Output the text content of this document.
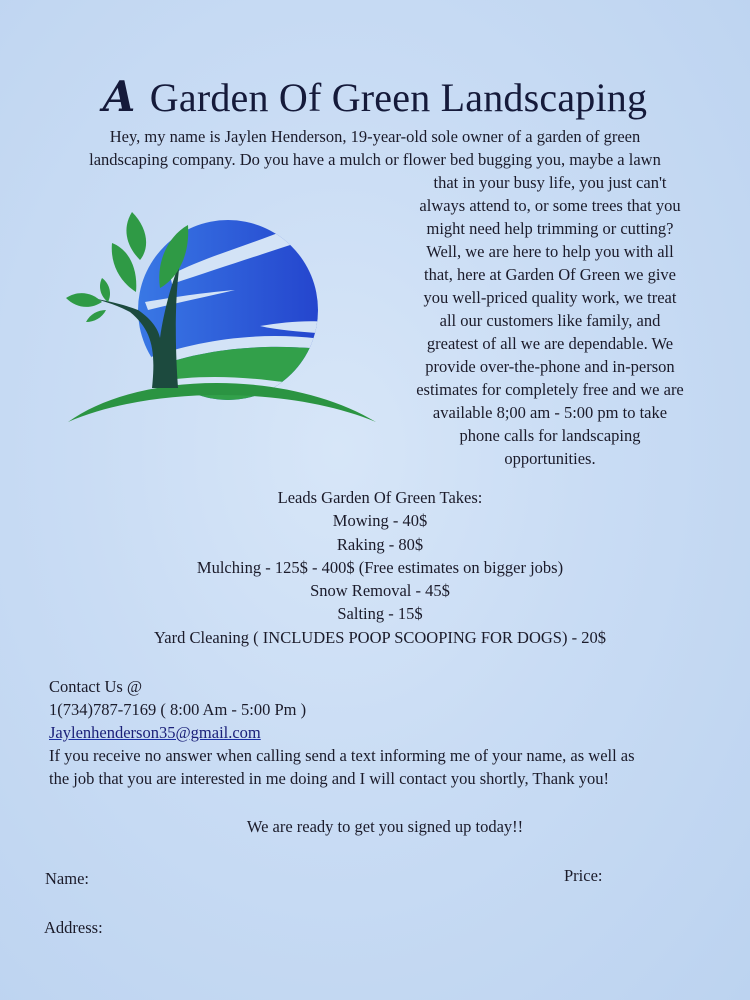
A Garden Of Green Landscaping
Hey, my name is Jaylen Henderson, 19-year-old sole owner of a garden of green
landscaping company. Do you have a mulch or flower bed bugging you, maybe a lawn
that in your busy life, you just can't
always attend to, or some trees that you
might need help trimming or cutting?
Well, we are here to help you with all
that, here at Garden Of Green we give
you well-priced quality work, we treat
all our customers like family, and
greatest of all we are dependable. We
provide over-the-phone and in-person
estimates for completely free and we are
available 8;00 am - 5:00 pm to take
phone calls for landscaping
opportunities.
Leads Garden Of Green Takes:
Mowing - 40$
Raking - 80$
Mulching - 125$ - 400$ (Free estimates on bigger jobs)
Snow Removal - 45$
Salting - 15$
Yard Cleaning ( INCLUDES POOP SCOOPING FOR DOGS) - 20$
Contact Us @
1(734)787-7169 ( 8:00 Am - 5:00 Pm )
Jaylenhenderson35@gmail.com
If you receive no answer when calling send a text informing me of your name, as well as
the job that you are interested in me doing and I will contact you shortly, Thank you!
We are ready to get you signed up today!!
Name:	Price:
Address:
